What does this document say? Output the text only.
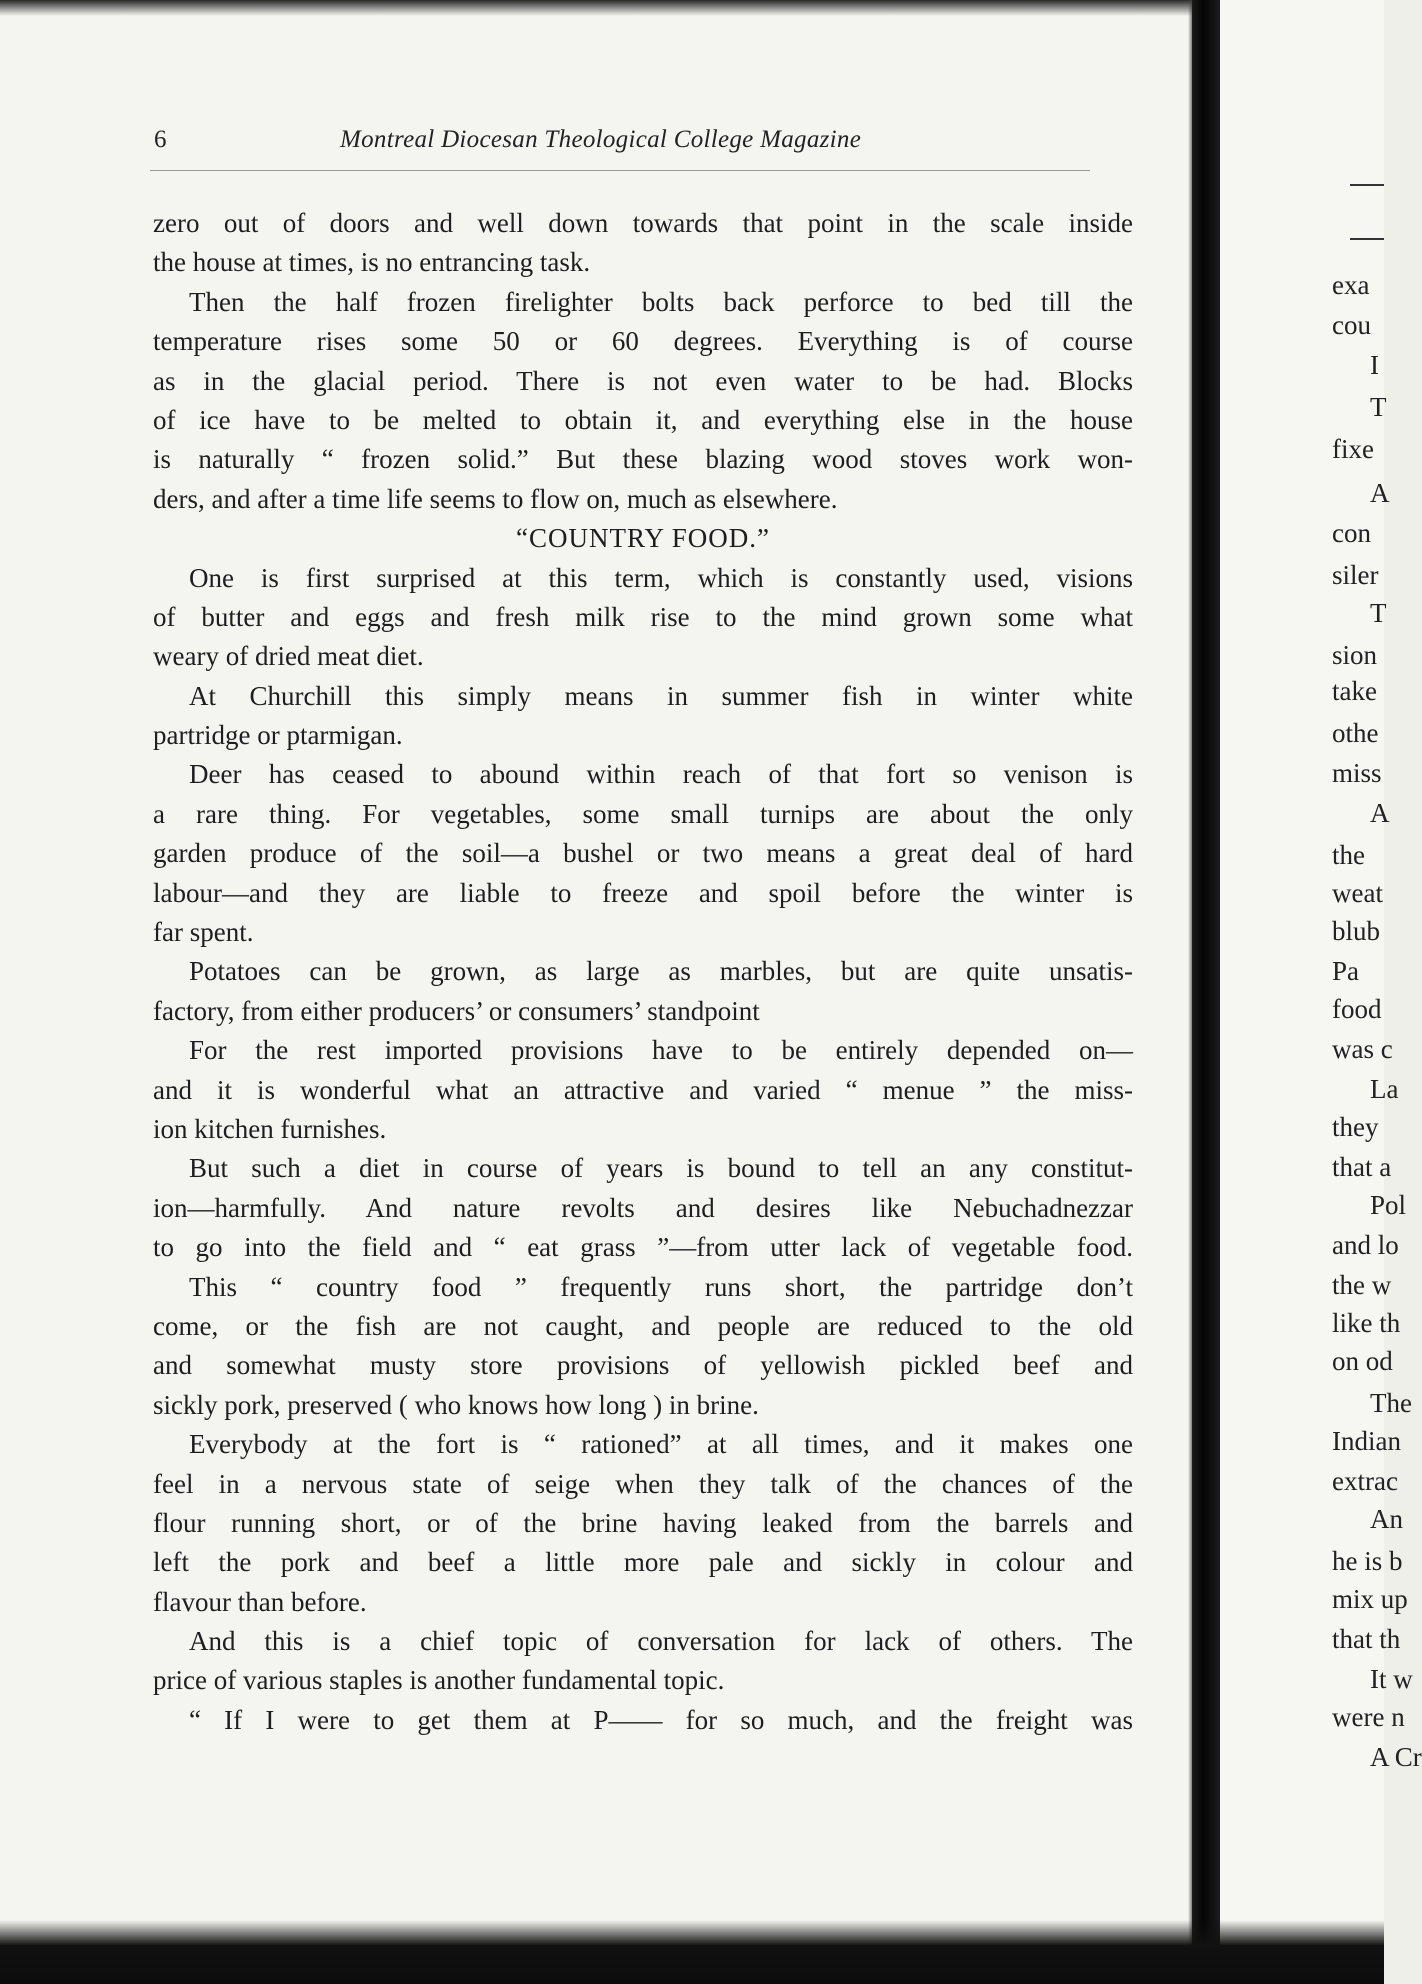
6	Montreal Diocesan Theological College Magazine
zero out of doors and well down towards that point in the scale inside
the house at times, is no entrancing task.
Then the half frozen firelighter bolts back perforce to bed till the
temperature rises some 50 or 60 degrees. Everything is of course
as in the glacial period. There is not even water to be had. Blocks
of ice have to be melted to obtain it, and everything else in the house
is naturally “ frozen solid.” But these blazing wood stoves work won-
ders, and after a time life seems to flow on, much as elsewhere.
“COUNTRY FOOD.”
One is first surprised at this term, which is constantly used, visions
of butter and eggs and fresh milk rise to the mind grown some what
weary of dried meat diet.
At Churchill this simply means in summer fish in winter white
partridge or ptarmigan.
Deer has ceased to abound within reach of that fort so venison is
a rare thing. For vegetables, some small turnips are about the only
garden produce of the soil—a bushel or two means a great deal of hard
labour—and they are liable to freeze and spoil before the winter is
far spent.
Potatoes can be grown, as large as marbles, but are quite unsatis-
factory, from either producers’ or consumers’ standpoint
For the rest imported provisions have to be entirely depended on—
and it is wonderful what an attractive and varied “ menue ” the miss-
ion kitchen furnishes.
But such a diet in course of years is bound to tell an any constitut-
ion—harmfully. And nature revolts and desires like Nebuchadnezzar
to go into the field and “ eat grass ”—from utter lack of vegetable food.
This “ country food ” frequently runs short, the partridge don’t
come, or the fish are not caught, and people are reduced to the old
and somewhat musty store provisions of yellowish pickled beef and
sickly pork, preserved ( who knows how long ) in brine.
Everybody at the fort is “ rationed” at all times, and it makes one
feel in a nervous state of seige when they talk of the chances of the
flour running short, or of the brine having leaked from the barrels and
left the pork and beef a little more pale and sickly in colour and
flavour than before.
And this is a chief topic of conversation for lack of others. The
price of various staples is another fundamental topic.
“ If I were to get them at P—— for so much, and the freight was
exa
cou
I
T
fixe
A
con
siler
T
sion
take
othe
miss
A
the
weat
blub
Pa
food
was c
La
they
that a
Pol
and lo
the w
like th
on od
The
Indian
extrac
An
he is b
mix up
that th
It w
were n
A Cr
